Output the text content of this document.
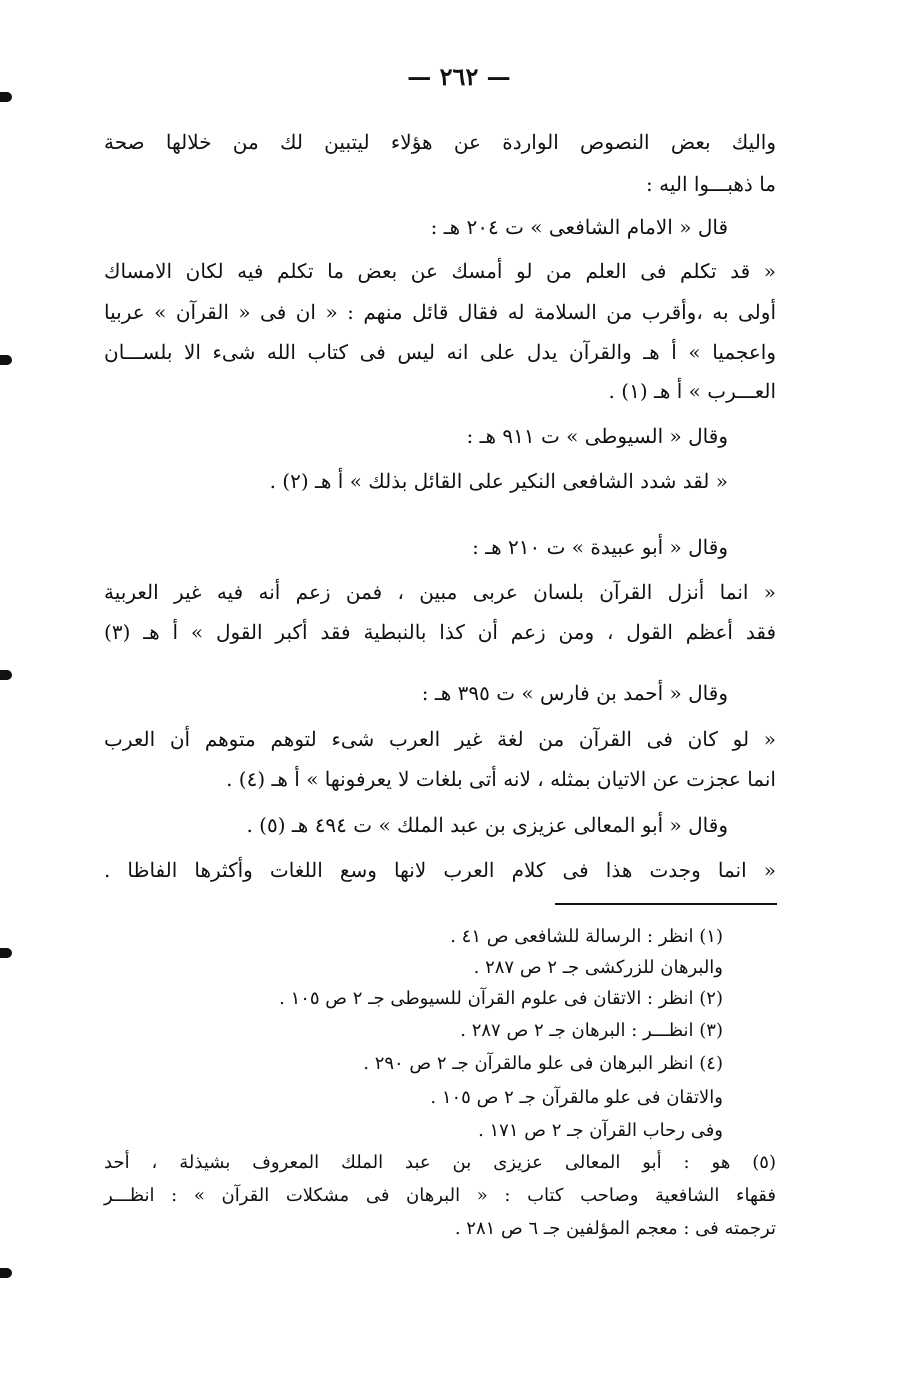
— ٢٦٢ —
واليك بعض النصوص الواردة عن هؤلاء ليتبين لك من خلالها صحة
ما ذهبـــوا اليه :
قال « الامام الشافعى » ت ٢٠٤ هـ :
« قد تكلم فى العلم من لو أمسك عن بعض ما تكلم فيه لكان الامساك
أولى به ،وأقرب من السلامة له فقال قائل منهم : « ان فى « القرآن » عربيا
واعجميا » أ هـ والقرآن يدل على انه ليس فى كتاب الله شىء الا بلســـان
العـــرب » أ هـ (١) .
وقال « السيوطى » ت ٩١١ هـ :
« لقد شدد الشافعى النكير على القائل بذلك » أ هـ (٢) .
وقال « أبو عبيدة » ت ٢١٠ هـ :
« انما أنزل القرآن بلسان عربى مبين ، فمن زعم أنه فيه غير العربية
فقد أعظم القول ، ومن زعم أن كذا بالنبطية فقد أكبر القول » أ هـ (٣)
وقال « أحمد بن فارس » ت ٣٩٥ هـ :
« لو كان فى القرآن من لغة غير العرب شىء لتوهم متوهم أن العرب
انما عجزت عن الاتيان بمثله ، لانه أتى بلغات لا يعرفونها » أ هـ (٤) .
وقال « أبو المعالى عزيزى بن عبد الملك » ت ٤٩٤ هـ (٥) .
« انما وجدت هذا فى كلام العرب لانها وسع اللغات وأكثرها الفاظا .
(١) انظر : الرسالة للشافعى ص ٤١ .
والبرهان للزركشى جـ ٢ ص ٢٨٧ .
(٢) انظر : الاتقان فى علوم القرآن للسيوطى جـ ٢ ص ١٠٥ .
(٣) انظـــر : البرهان جـ ٢ ص ٢٨٧ .
(٤) انظر البرهان فى علو مالقرآن جـ ٢ ص ٢٩٠ .
والاتقان فى علو مالقرآن جـ ٢ ص ١٠٥ .
وفى رحاب القرآن جـ ٢ ص ١٧١ .
(٥) هو : أبو المعالى عزيزى بن عبد الملك المعروف بشيذلة ، أحد
فقهاء الشافعية وصاحب كتاب : « البرهان فى مشكلات القرآن » : انظـــر
ترجمته فى : معجم المؤلفين جـ ٦ ص ٢٨١ .
